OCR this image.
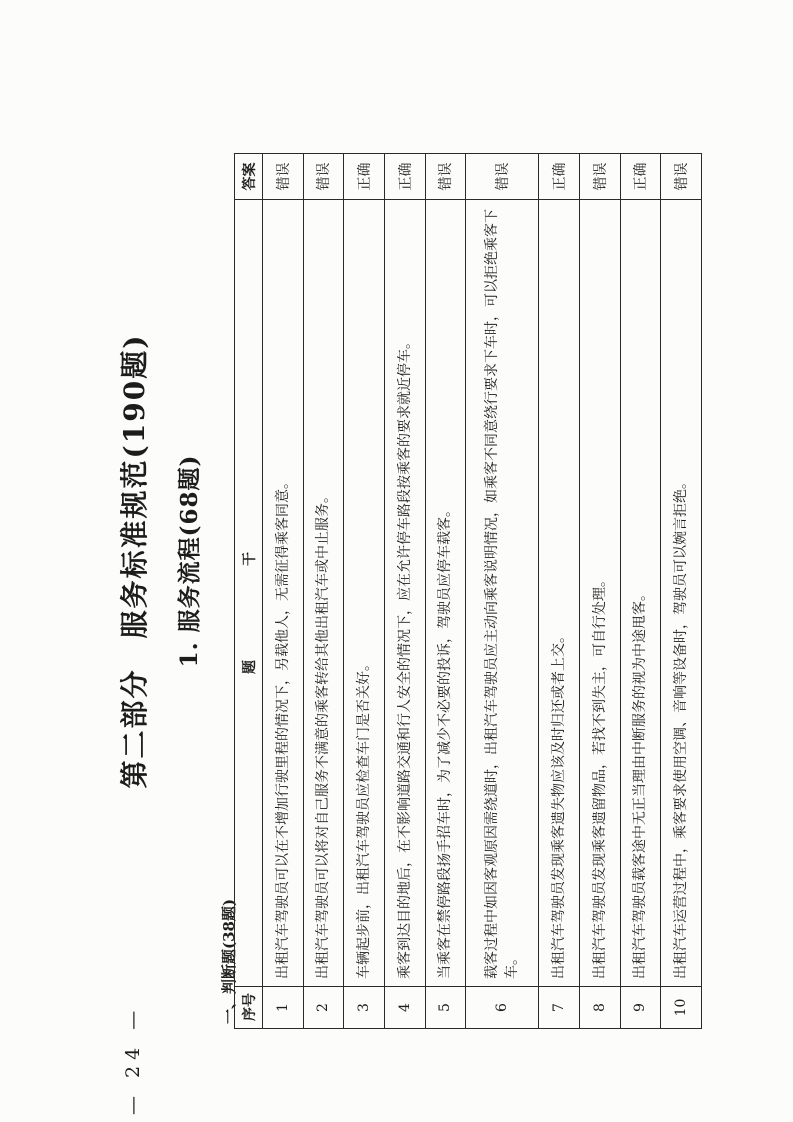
第二部分　服务标准规范(190题) 1. 服务流程(68题)
一、判断题(38题)
— 24 —	序号	题　干	答案
1	出租汽车驾驶员可以在不增加行驶里程的情况下，另载他人，无需征得乘客同意。	错误
2	出租汽车驾驶员可以将对自己服务不满意的乘客转给其他出租汽车或中止服务。	错误
3	车辆起步前，出租汽车驾驶员应检查车门是否关好。	正确
4	乘客到达目的地后，在不影响道路交通和行人安全的情况下，应在允许停车路段按乘客的要求就近停车。	正确
5	当乘客在禁停路段扬手招车时，为了减少不必要的投诉，驾驶员应停车载客。	错误
6	载客过程中如因客观原因需绕道时，出租汽车驾驶员应主动向乘客说明情况，如乘客不同意绕行要求下车时，可以拒绝乘客下车。	错误
7	出租汽车驾驶员发现乘客遗失物应该及时归还或者上交。	正确
8	出租汽车驾驶员发现乘客遗留物品，若找不到失主，可自行处理。	错误
9	出租汽车驾驶员载客途中无正当理由中断服务的视为中途甩客。	正确
10	出租汽车运营过程中，乘客要求使用空调、音响等设备时，驾驶员可以婉言拒绝。	错误
